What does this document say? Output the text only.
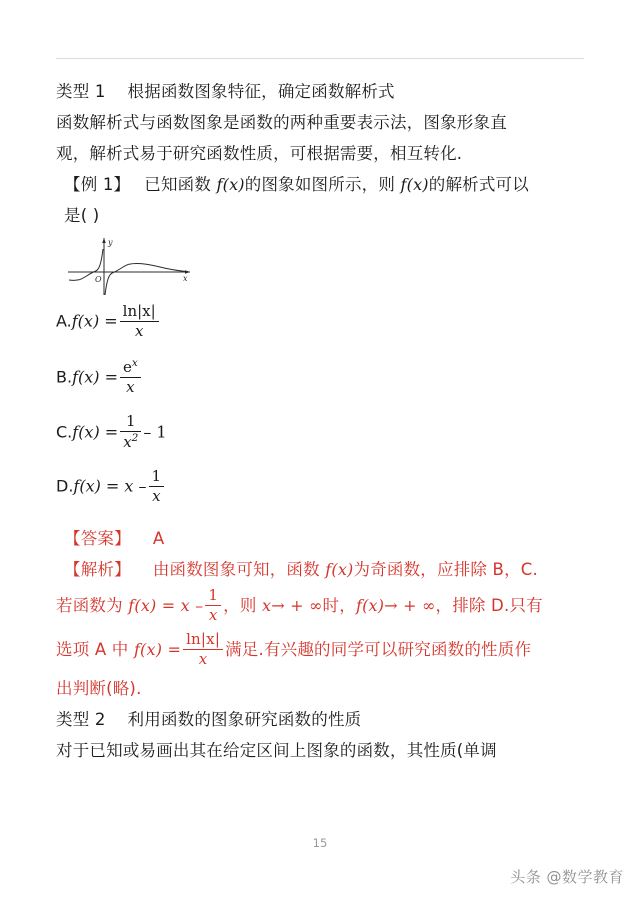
类型 1 根据函数图象特征，确定函数解析式
函数解析式与函数图象是函数的两种重要表示法，图象形象直
观，解析式易于研究函数性质，可根据需要，相互转化.
【例 1】 已知函数 f(x)的图象如图所示，则 f(x)的解析式可以
是( )
y
x
O
$A.f(x) = \frac{\ln|x|}{x}$
$B.f(x) = \frac{e^x}{x}$
$C.f(x) = \frac{1}{x^2} - 1$
$D.f(x) = x - \frac{1}{x}$
【答案】 A
【解析】 由函数图象可知，函数 f(x)为奇函数，应排除 B，C.
若函数为 $f(x) = x - \frac{1}{x}$ ，则 x→ + ∞时，f(x)→ + ∞，排除 D.只有
选项 A 中 $f(x) = \frac{\ln|x|}{x}$ 满足.有兴趣的同学可以研究函数的性质作
出判断(略).
类型 2 利用函数的图象研究函数的性质
对于已知或易画出其在给定区间上图象的函数，其性质(单调
15
头条 @数学教育
